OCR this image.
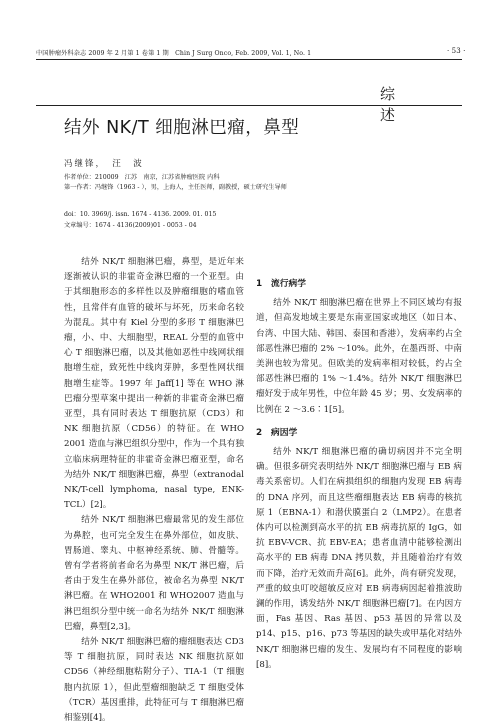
中国肿瘤外科杂志 2009 年 2 月第 1 卷第 1 期　Chin J Surg Onco, Feb. 2009, Vol. 1, No. 1	· 53 ·
综　述
结外 NK/T 细胞淋巴瘤，鼻型
冯继锋，　汪　波
作者单位：210009　江苏　南京，江苏省肿瘤医院 内科
第一作者：冯继锋（1963 - ），男，上海人，主任医师，副教授，硕士研究生导师
doi：10. 3969/j. issn. 1674 - 4136. 2009. 01. 015
文章编号：1674 - 4136(2009)01 - 0053 - 04

结外 NK/T 细胞淋巴瘤，鼻型，是近年来逐渐被认识的非霍奇金淋巴瘤的一个亚型。由于其细胞形态的多样性以及肿瘤细胞的嗜血管性，且常伴有血管的破坏与坏死，历来命名较为混乱。其中有 Kiel 分型的多形 T 细胞淋巴瘤，小、中、大细胞型，REAL 分型的血管中心 T 细胞淋巴瘤，以及其他如恶性中线网状细胞增生症，致死性中线肉芽肿，多型性网状细胞增生症等。1997 年 Jaff[1] 等在 WHO 淋巴瘤分型草案中提出一种新的非霍奇金淋巴瘤亚型，具有同时表达 T 细胞抗原（CD3）和 NK 细胞抗原（CD56）的特征。在 WHO 2001 造血与淋巴组织分型中，作为一个具有独立临床病理特征的非霍奇金淋巴瘤亚型，命名为结外 NK/T 细胞淋巴瘤，鼻型（extranodal NK/T-cell lymphoma, nasal type, ENK-TCL）[2]。

结外 NK/T 细胞淋巴瘤最常见的发生部位为鼻腔，也可完全发生在鼻外部位，如皮肤、胃肠道、睾丸、中枢神经系统、肺、骨髓等。曾有学者将前者命名为鼻型 NK/T 淋巴瘤，后者由于发生在鼻外部位，被命名为鼻型 NK/T 淋巴瘤。在 WHO2001 和 WHO2007 造血与淋巴组织分型中统一命名为结外 NK/T 细胞淋巴瘤，鼻型[2,3]。

结外 NK/T 细胞淋巴瘤的瘤细胞表达 CD3 等 T 细胞抗原，同时表达 NK 细胞抗原如 CD56（神经细胞粘附分子）、TIA-1（T 细胞胞内抗原 1），但此型瘤细胞缺乏 T 细胞受体（TCR）基因重排，此特征可与 T 细胞淋巴瘤相鉴别[4]。

1　流行病学

结外 NK/T 细胞淋巴瘤在世界上不同区域均有报道，但高发地域主要是东南亚国家或地区（如日本、台湾、中国大陆、韩国、泰国和香港），发病率约占全部恶性淋巴瘤的 2% ～10%。此外，在墨西哥、中南美洲也较为常见。但欧美的发病率相对较低，约占全部恶性淋巴瘤的 1% ～1.4%。结外 NK/T 细胞淋巴瘤好发于成年男性，中位年龄 45 岁；男、女发病率的比例在 2 ～3.6∶1[5]。

2　病因学

结外 NK/T 细胞淋巴瘤的确切病因并不完全明确。但很多研究表明结外 NK/T 细胞淋巴瘤与 EB 病毒关系密切。人们在病损组织的细胞内发现 EB 病毒的 DNA 序列，而且这些瘤细胞表达 EB 病毒的核抗原 1（EBNA-1）和潜伏膜蛋白 2（LMP2）。在患者体内可以检测到高水平的抗 EB 病毒抗原的 IgG，如抗 EBV-VCR、抗 EBV-EA；患者血清中能够检测出高水平的 EB 病毒 DNA 拷贝数，并且随着治疗有效而下降，治疗无效而升高[6]。此外，尚有研究发现，严重的蚊虫叮咬超敏反应对 EB 病毒病因起着推波助澜的作用，诱发结外 NK/T 细胞淋巴瘤[7]。在内因方面，Fas 基因、Ras 基因、p53 基因的异常以及 p14、p15、p16、p73 等基因的缺失或甲基化对结外 NK/T 细胞淋巴瘤的发生、发展均有不同程度的影响[8]。
